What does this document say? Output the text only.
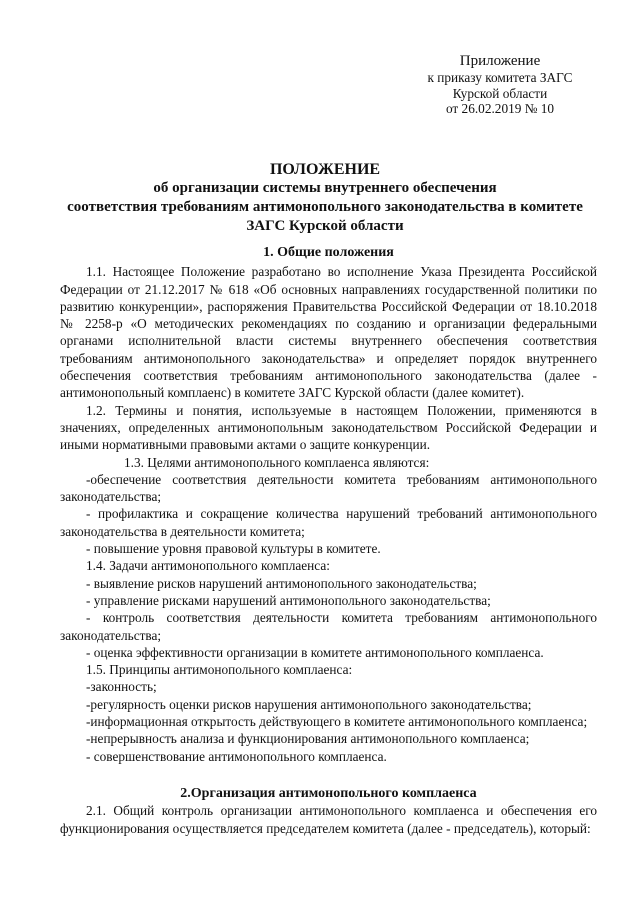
Приложение
к приказу комитета ЗАГС
Курской области
от 26.02.2019 № 10
ПОЛОЖЕНИЕ
об организации системы внутреннего обеспечения
соответствия требованиям антимонопольного законодательства в комитете
ЗАГС Курской области

1. Общие положения

1.1. Настоящее Положение разработано во исполнение Указа Президента Российской Федерации от 21.12.2017 № 618 «Об основных направлениях государственной политики по развитию конкуренции», распоряжения Правительства Российской Федерации от 18.10.2018 № 2258-р «О методических рекомендациях по созданию и организации федеральными органами исполнительной власти системы внутреннего обеспечения соответствия требованиям антимонопольного законодательства» и определяет порядок внутреннего обеспечения соответствия требованиям антимонопольного законодательства (далее - антимонопольный комплаенс) в комитете ЗАГС Курской области (далее комитет).

1.2. Термины и понятия, используемые в настоящем Положении, применяются в значениях, определенных антимонопольным законодательством Российской Федерации и иными нормативными правовыми актами о защите конкуренции.

1.3. Целями антимонопольного комплаенса являются:

-обеспечение соответствия деятельности комитета требованиям антимонопольного законодательства;

- профилактика и сокращение количества нарушений требований антимонопольного законодательства в деятельности комитета;

- повышение уровня правовой культуры в комитете.

1.4. Задачи антимонопольного комплаенса:

- выявление рисков нарушений антимонопольного законодательства;

- управление рисками нарушений антимонопольного законодательства;

- контроль соответствия деятельности комитета требованиям антимонопольного законодательства;

- оценка эффективности организации в комитете антимонопольного комплаенса.

1.5. Принципы антимонопольного комплаенса:

-законность;

-регулярность оценки рисков нарушения антимонопольного законодательства;

-информационная открытость действующего в комитете антимонопольного комплаенса;

-непрерывность анализа и функционирования антимонопольного комплаенса;

- совершенствование антимонопольного комплаенса.

2.Организация антимонопольного комплаенса

2.1. Общий контроль организации антимонопольного комплаенса и обеспечения его функционирования осуществляется председателем комитета (далее - председатель), который:
